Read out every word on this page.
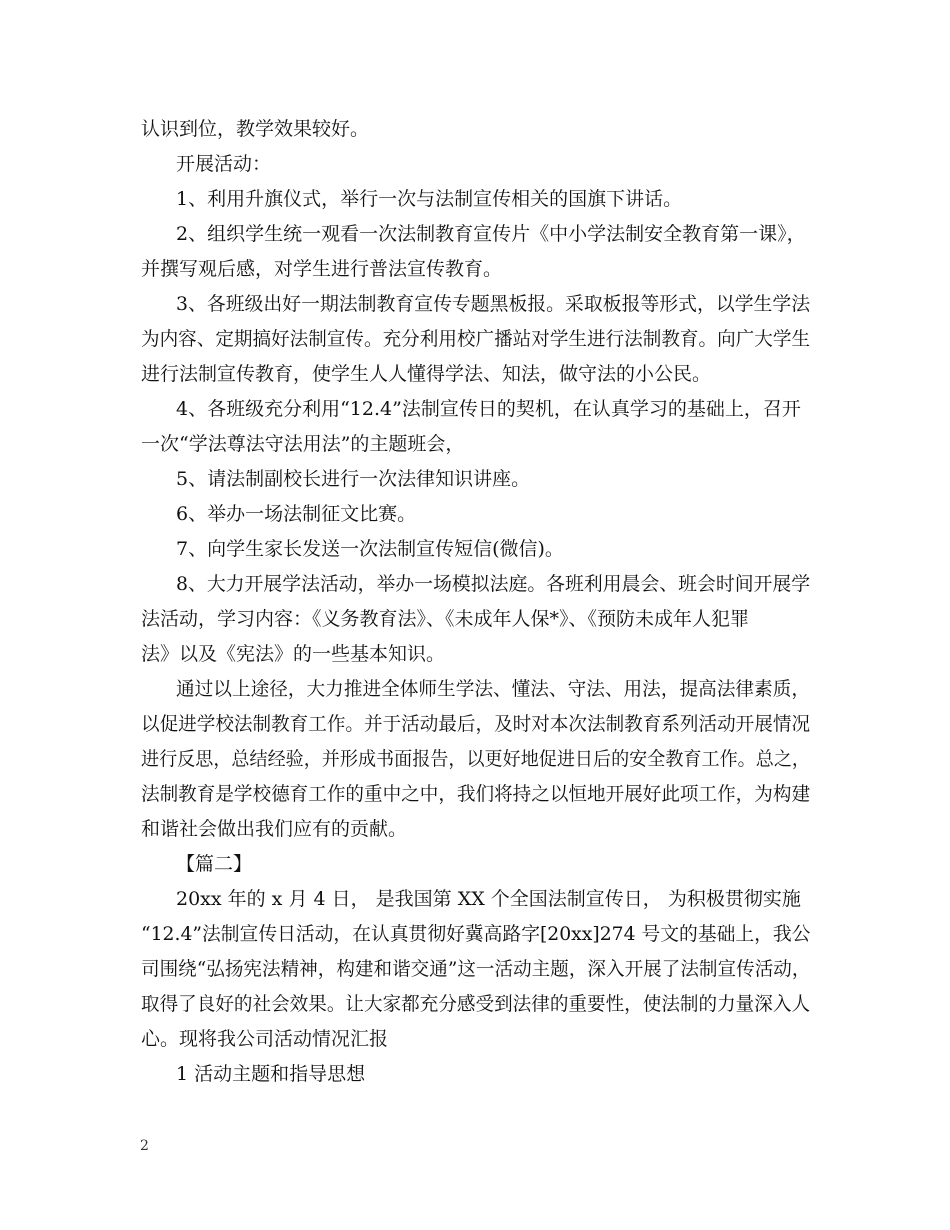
认识到位，教学效果较好。
开展活动：
1、利用升旗仪式，举行一次与法制宣传相关的国旗下讲话。
2、组织学生统一观看一次法制教育宣传片《中小学法制安全教育第一课》，
并撰写观后感，对学生进行普法宣传教育。
3、各班级出好一期法制教育宣传专题黑板报。采取板报等形式，以学生学法
为内容、定期搞好法制宣传。充分利用校广播站对学生进行法制教育。向广大学生
进行法制宣传教育，使学生人人懂得学法、知法，做守法的小公民。
4、各班级充分利用“12.4”法制宣传日的契机，在认真学习的基础上，召开
一次“学法尊法守法用法”的主题班会，
5、请法制副校长进行一次法律知识讲座。
6、举办一场法制征文比赛。
7、向学生家长发送一次法制宣传短信(微信)。
8、大力开展学法活动，举办一场模拟法庭。各班利用晨会、班会时间开展学
法活动，学习内容：《义务教育法》、《未成年人保*》、《预防未成年人犯罪
法》以及《宪法》的一些基本知识。
通过以上途径，大力推进全体师生学法、懂法、守法、用法，提高法律素质，
以促进学校法制教育工作。并于活动最后，及时对本次法制教育系列活动开展情况
进行反思，总结经验，并形成书面报告，以更好地促进日后的安全教育工作。总之，
法制教育是学校德育工作的重中之中，我们将持之以恒地开展好此项工作，为构建
和谐社会做出我们应有的贡献。
【篇二】
20xx 年的 x 月 4 日， 是我国第 XX 个全国法制宣传日， 为积极贯彻实施
“12.4”法制宣传日活动，在认真贯彻好冀高路字[20xx]274 号文的基础上，我公
司围绕“弘扬宪法精神，构建和谐交通”这一活动主题，深入开展了法制宣传活动，
取得了良好的社会效果。让大家都充分感受到法律的重要性，使法制的力量深入人
心。现将我公司活动情况汇报
1 活动主题和指导思想
2
